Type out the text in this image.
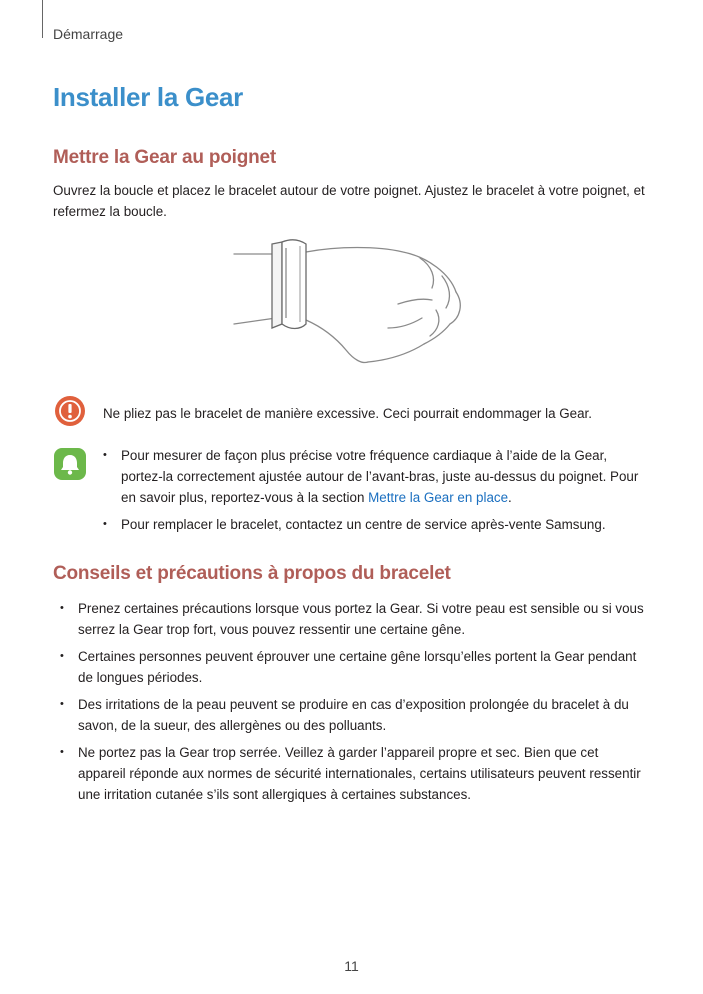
Démarrage
Installer la Gear
Mettre la Gear au poignet

Ouvrez la boucle et placez le bracelet autour de votre poignet. Ajustez le bracelet à votre poignet, et refermez la boucle.

Ne pliez pas le bracelet de manière excessive. Ceci pourrait endommager la Gear.

• Pour mesurer de façon plus précise votre fréquence cardiaque à l’aide de la Gear, portez-la correctement ajustée autour de l’avant-bras, juste au-dessus du poignet. Pour en savoir plus, reportez-vous à la section Mettre la Gear en place.
• Pour remplacer le bracelet, contactez un centre de service après-vente Samsung.
Conseils et précautions à propos du bracelet
• Prenez certaines précautions lorsque vous portez la Gear. Si votre peau est sensible ou si vous serrez la Gear trop fort, vous pouvez ressentir une certaine gêne.
• Certaines personnes peuvent éprouver une certaine gêne lorsqu’elles portent la Gear pendant de longues périodes.
• Des irritations de la peau peuvent se produire en cas d’exposition prolongée du bracelet à du savon, de la sueur, des allergènes ou des polluants.
• Ne portez pas la Gear trop serrée. Veillez à garder l’appareil propre et sec. Bien que cet appareil réponde aux normes de sécurité internationales, certains utilisateurs peuvent ressentir une irritation cutanée s’ils sont allergiques à certaines substances.
11
